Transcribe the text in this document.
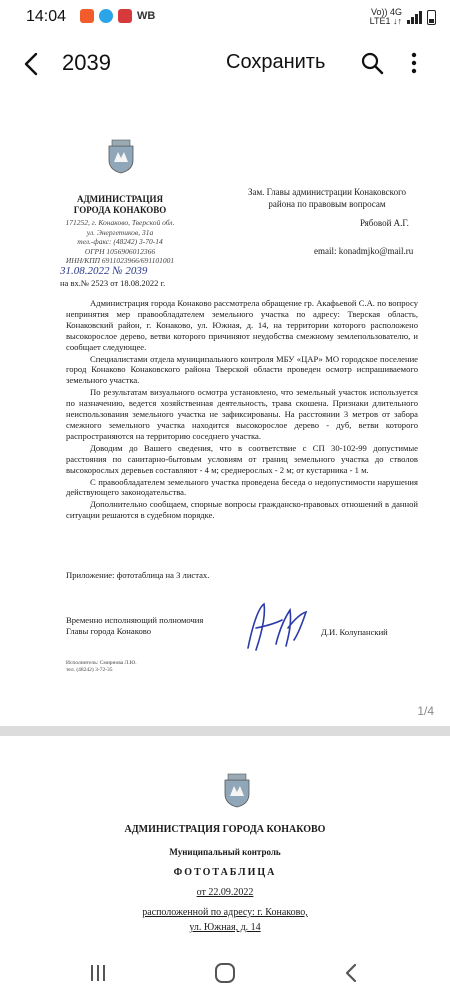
14:04	WB	Vo)) 4G
LTE1 ↓↑
2039	Сохранить
АДМИНИСТРАЦИЯ
ГОРОДА КОНАКОВО
171252, г. Конаково, Тверской обл.
ул. Энергетиков, 31а
тел.-факс: (48242) 3-70-14
ОГРН 1056906012366
ИНН/КПП 6911023966/691101001
31.08.2022 № 2039
на вх.№ 2523 от 18.08.2022 г.
Зам. Главы администрации Конаковского
района по правовым вопросам
Рябовой А.Г.
email: konadmjko@mail.ru

Администрация города Конаково рассмотрела обращение гр. Акафьевой С.А. по вопросу непринятия мер правообладателем земельного участка по адресу: Тверская область, Конаковский район, г. Конаково, ул. Южная, д. 14, на территории которого расположено высокорослое дерево, ветви которого причиняют неудобства смежному землепользователю, и сообщает следующее.

Специалистами отдела муниципального контроля МБУ «ЦАР» МО городское поселение город Конаково Конаковского района Тверской области проведен осмотр испрашиваемого земельного участка.

По результатам визуального осмотра установлено, что земельный участок используется по назначению, ведется хозяйственная деятельность, трава скошена. Признаки длительного неиспользования земельного участка не зафиксированы. На расстоянии 3 метров от забора смежного земельного участка находится высокорослое дерево - дуб, ветви которого распространяются на территорию соседнего участка.

Доводим до Вашего сведения, что в соответствие с СП 30-102-99 допустимые расстояния по санитарно-бытовым условиям от границ земельного участка до стволов высокорослых деревьев составляют - 4 м; среднерослых - 2 м; от кустарника - 1 м.

С правообладателем земельного участка проведена беседа о недопустимости нарушения действующего законодательства.

Дополнительно сообщаем, спорные вопросы гражданско-правовых отношений в данной ситуации решаются в судебном порядке.

Приложение: фототаблица на 3 листах.
Временно исполняющий полномочия
Главы города Конаково	Д.И. Колупанский
Исполнитель: Смирнова Л.Ю.
тел. (48242) 3-72-35
1/4
АДМИНИСТРАЦИЯ ГОРОДА КОНАКОВО
Муниципальный контроль
ФОТОТАБЛИЦА
от 22.09.2022
расположенной по адресу: г. Конаково,
ул. Южная, д. 14
